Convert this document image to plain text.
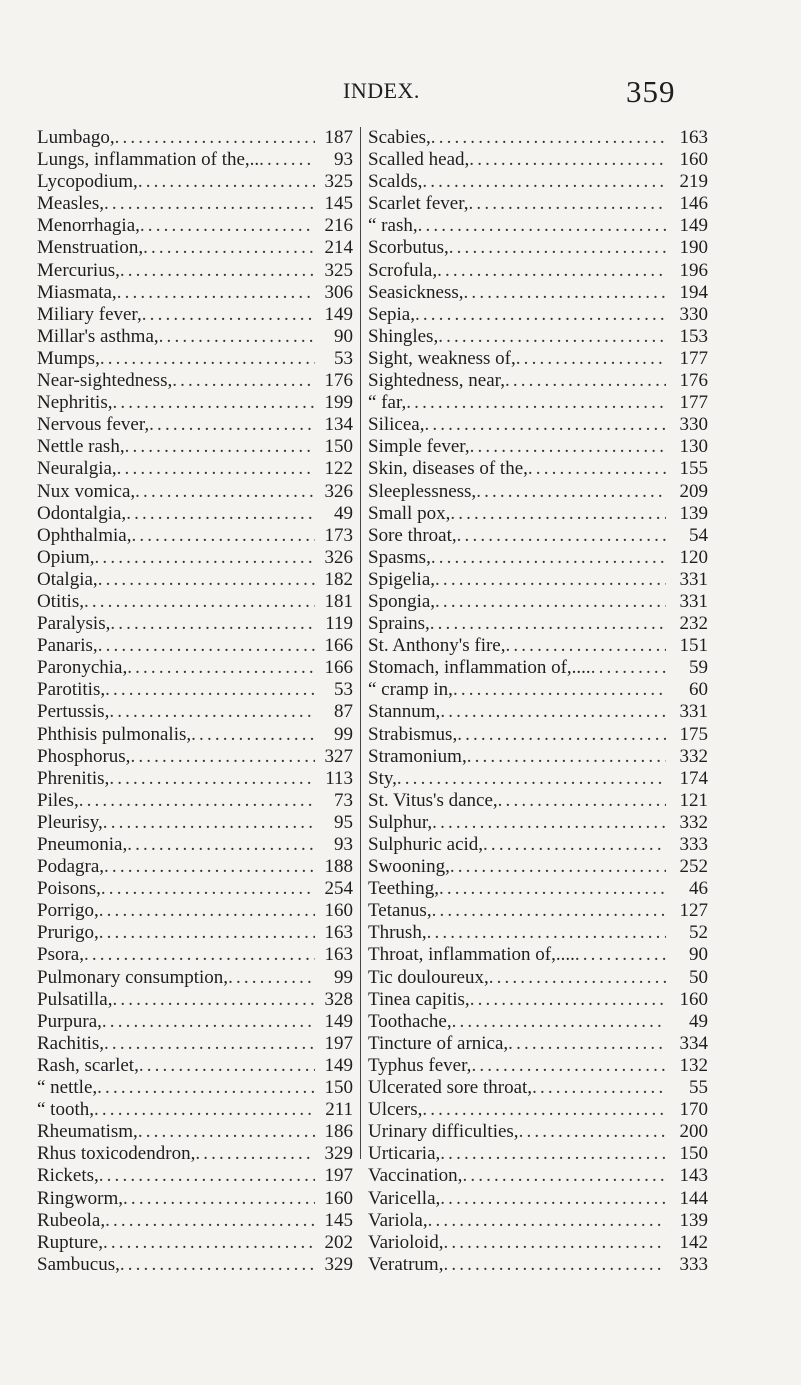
INDEX.	359
Lumbago, . . .	187
Lungs, inflammation of the,.. . . .	93
Lycopodium, . . .	325
Measles, . . .	145
Menorrhagia, . . .	216
Menstruation, . . .	214
Mercurius, . . .	325
Miasmata, . . .	306
Miliary fever, . . .	149
Millar's asthma, . . .	90
Mumps, . . .	53
Near-sightedness, . . .	176
Nephritis, . . .	199
Nervous fever, . . .	134
Nettle rash, . . .	150
Neuralgia, . . .	122
Nux vomica, . . .	326
Odontalgia, . . .	49
Ophthalmia, . . .	173
Opium, . . .	326
Otalgia, . . .	182
Otitis, . . .	181
Paralysis, . . .	119
Panaris, . . .	166
Paronychia, . . .	166
Parotitis, . . .	53
Pertussis, . . .	87
Phthisis pulmonalis, . . .	99
Phosphorus, . . .	327
Phrenitis, . . .	113
Piles, . . .	73
Pleurisy, . . .	95
Pneumonia, . . .	93
Podagra, . . .	188
Poisons, . . .	254
Porrigo, . . .	160
Prurigo, . . .	163
Psora, . . .	163
Pulmonary consumption, . . .	99
Pulsatilla, . . .	328
Purpura, . . .	149
Rachitis, . . .	197
Rash, scarlet, . . .	149
“ nettle, . . .	150
“ tooth, . . .	211
Rheumatism, . . .	186
Rhus toxicodendron, . . .	329
Rickets, . . .	197
Ringworm, . . .	160
Rubeola, . . .	145
Rupture, . . .	202
Sambucus, . . .	329
Scabies, . . .	163
Scalled head, . . .	160
Scalds, . . .	219
Scarlet fever, . . .	146
“ rash, . . .	149
Scorbutus, . . .	190
Scrofula, . . .	196
Seasickness, . . .	194
Sepia, . . .	330
Shingles, . . .	153
Sight, weakness of, . . .	177
Sightedness, near, . . .	176
“ far, . . .	177
Silicea, . . .	330
Simple fever, . . .	130
Skin, diseases of the, . . .	155
Sleeplessness, . . .	209
Small pox, . . .	139
Sore throat, . . .	54
Spasms, . . .	120
Spigelia, . . .	331
Spongia, . . .	331
Sprains, . . .	232
St. Anthony's fire, . . .	151
Stomach, inflammation of,.... . . .	59
“ cramp in, . . .	60
Stannum, . . .	331
Strabismus, . . .	175
Stramonium, . . .	332
Sty, . . .	174
St. Vitus's dance, . . .	121
Sulphur, . . .	332
Sulphuric acid, . . .	333
Swooning, . . .	252
Teething, . . .	46
Tetanus, . . .	127
Thrush, . . .	52
Throat, inflammation of,.... . . .	90
Tic douloureux, . . .	50
Tinea capitis, . . .	160
Toothache, . . .	49
Tincture of arnica, . . .	334
Typhus fever, . . .	132
Ulcerated sore throat, . . .	55
Ulcers, . . .	170
Urinary difficulties, . . .	200
Urticaria, . . .	150
Vaccination, . . .	143
Varicella, . . .	144
Variola, . . .	139
Varioloid, . . .	142
Veratrum, . . .	333
